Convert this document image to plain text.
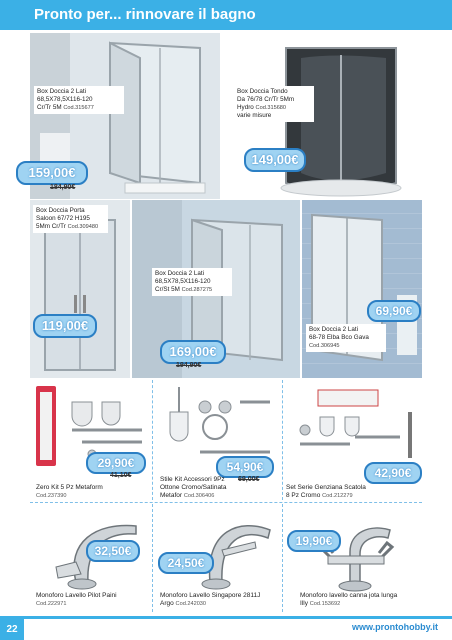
Pronto per... rinnovare il bagno
Box Doccia 2 Lati
68,5X78,5X116-120
Cr/Tr 5M Cod.315677
159,00€
184,90€
Box Doccia Tondo
Da 76/78 Cr/Tr 5Mm
Hydro Cod.315680
varie misure
149,00€
Box Doccia Porta
Saloon 67/72 H195
5Mm Cr/Tr Cod.309480
119,00€
Box Doccia 2 Lati
68,5X78,5X116-120
Cr/St 5M Cod.287275
169,00€
194,90€
69,90€
Box Doccia 2 Lati
68-78 Elba Bco Gava
Cod.306945
29,90€
41,10€
Zero Kit 5 Pz Metaform
Cod.237390
54,90€
69,00€
Stile Kit Accessori 9Pz
Ottone Cromo/Satinata
Metafor Cod.306406
42,90€
Set Serie Genziana Scatola
8 Pz Cromo Cod.212279
32,50€
Monoforo Lavello Pilot Paini
Cod.222971
24,50€
Monoforo Lavello Singapore 2811J
Argo Cod.242030
19,90€
Monoforo lavello canna jota lunga
Illy Cod.153692
22	www.prontohobby.it
